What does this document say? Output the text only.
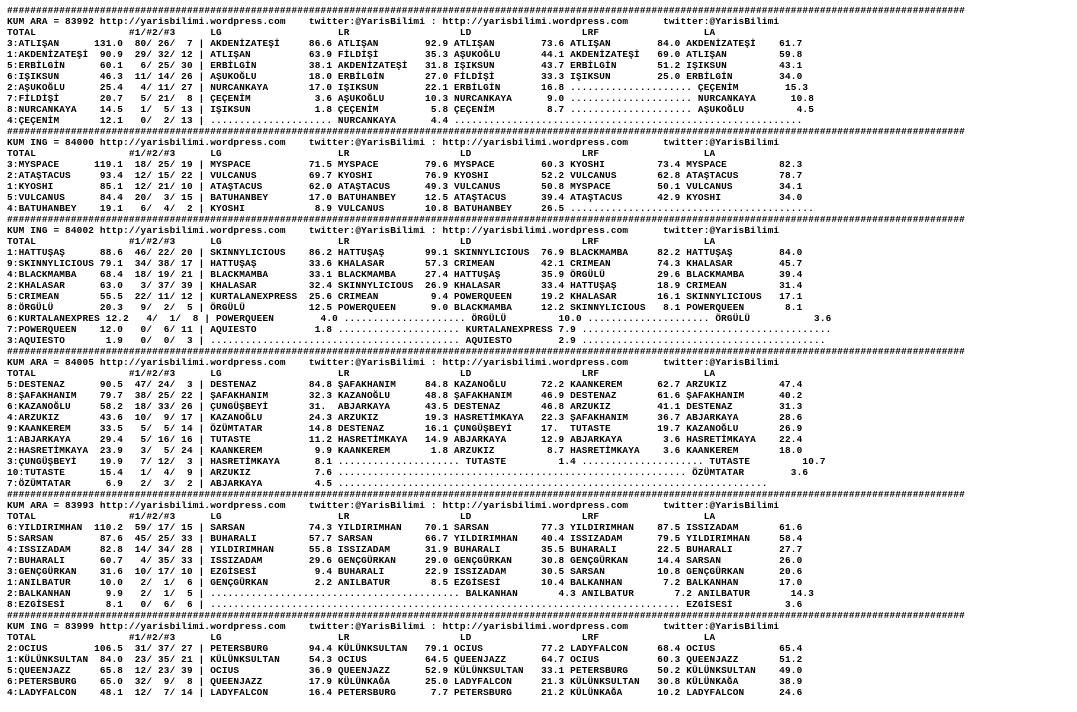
#####################################################################################################################################################################
KUM ARA = 83992 http://yarisbilimi.wordpress.com    twitter:@YarisBilimi : http://yarisbilimi.wordpress.com      twitter:@YarisBilimi
TOTAL                #1/#2/#3      LG                    LR                   LD                   LRF                  LA
3:ATLIŞAN      131.0  80/ 26/  7 | AKDENİZATEŞİ     86.6 ATLIŞAN        92.9 ATLIŞAN        73.6 ATLIŞAN        84.0 AKDENİZATEŞİ    61.7
1:AKDENİZATEŞİ  90.9  29/ 32/ 12 | ATLIŞAN          63.9 FİLDİŞİ        35.3 AŞUKOĞLU       44.1 AKDENİZATEŞİ   69.0 ATLIŞAN         59.8
5:ERBİLGİN      60.1   6/ 25/ 30 | ERBİLGİN         38.1 AKDENİZATEŞİ   31.8 IŞIKSUN        43.7 ERBİLGİN       51.2 IŞIKSUN         43.1
6:IŞIKSUN       46.3  11/ 14/ 26 | AŞUKOĞLU         18.0 ERBİLGİN       27.0 FİLDİŞİ        33.3 IŞIKSUN        25.0 ERBİLGİN        34.0
2:AŞUKOĞLU      25.4   4/ 11/ 27 | NURCANKAYA       17.0 IŞIKSUN        22.1 ERBİLGİN       16.8 ..................... ÇEÇENİM        15.3
7:FİLDİŞİ       20.7   5/ 21/  8 | ÇEÇENİM           3.6 AŞUKOĞLU       10.3 NURCANKAYA      9.0 ..................... NURCANKAYA      10.8
8:NURCANKAYA    14.5   1/  5/ 13 | IŞIKSUN           1.8 ÇEÇENİM         5.8 ÇEÇENİM         8.7 ..................... AŞUKOĞLU         4.5
4:ÇEÇENİM       12.1   0/  2/ 13 | ..................... NURCANKAYA      4.4 ............................................................
#####################################################################################################################################################################
KUM ING = 84000 http://yarisbilimi.wordpress.com    twitter:@YarisBilimi : http://yarisbilimi.wordpress.com      twitter:@YarisBilimi
TOTAL                #1/#2/#3      LG                    LR                   LD                   LRF                  LA
3:MYSPACE      119.1  18/ 25/ 19 | MYSPACE          71.5 MYSPACE        79.6 MYSPACE        60.3 KYOSHI         73.4 MYSPACE         82.3
2:ATAŞTACUS     93.4  12/ 15/ 22 | VULCANUS         69.7 KYOSHI         76.9 KYOSHI         52.2 VULCANUS       62.8 ATAŞTACUS       78.7
1:KYOSHI        85.1  12/ 21/ 10 | ATAŞTACUS        62.0 ATAŞTACUS      49.3 VULCANUS       50.8 MYSPACE        50.1 VULCANUS        34.1
5:VULCANUS      84.4  20/  3/ 15 | BATUHANBEY       17.0 BATUHANBEY     12.5 ATAŞTACUS      39.4 ATAŞTACUS      42.9 KYOSHI          34.0
4:BATUHANBEY    19.1   6/  4/  2 | KYOSHI            8.9 VULCANUS       10.8 BATUHANBEY     26.5 ..........................................
#####################################################################################################################################################################
KUM ING = 84002 http://yarisbilimi.wordpress.com    twitter:@YarisBilimi : http://yarisbilimi.wordpress.com      twitter:@YarisBilimi
TOTAL                #1/#2/#3      LG                    LR                   LD                   LRF                  LA
1:HATTUŞAŞ      88.6  46/ 22/ 20 | SKINNYLICIOUS    86.2 HATTUŞAŞ       99.1 SKINNYLICIOUS  76.9 BLACKMAMBA     82.2 HATTUŞAŞ        84.0
9:SKINNYLICIOUS 79.1  34/ 38/ 17 | HATTUŞAŞ         33.6 KHALASAR       57.3 CRIMEAN        42.1 CRIMEAN        74.3 KHALASAR        45.7
4:BLACKMAMBA    68.4  18/ 19/ 21 | BLACKMAMBA       33.1 BLACKMAMBA     27.4 HATTUŞAŞ       35.9 ÖRGÜLÜ         29.6 BLACKMAMBA      39.4
2:KHALASAR      63.0   3/ 37/ 39 | KHALASAR         32.4 SKINNYLICIOUS  26.9 KHALASAR       33.4 HATTUŞAŞ       18.9 CRIMEAN         31.4
5:CRIMEAN       55.5  22/ 11/ 12 | KURTALANEXPRESS  25.6 CRIMEAN         9.4 POWERQUEEN     19.2 KHALASAR       16.1 SKINNYLICIOUS   17.1
8:ÖRGÜLÜ        20.3   9/  2/  5 | ÖRGÜLÜ           12.5 POWERQUEEN      9.0 BLACKMAMBA     12.2 SKINNYLICIOUS   8.1 POWERQUEEN       8.1
6:KURTALANEXPRES 12.2   4/  1/  8 | POWERQUEEN        4.0 ..................... ÖRGÜLÜ         10.0 ..................... ÖRGÜLÜ           3.6
7:POWERQUEEN    12.0   0/  6/ 11 | AQUIESTO          1.8 ..................... KURTALANEXPRESS 7.9 ...........................................
3:AQUIESTO       1.9   0/  0/  3 | ........................................... AQUIESTO        2.9 ..........................................
#####################################################################################################################################################################
KUM ARA = 84005 http://yarisbilimi.wordpress.com    twitter:@YarisBilimi : http://yarisbilimi.wordpress.com      twitter:@YarisBilimi
TOTAL                #1/#2/#3      LG                    LR                   LD                   LRF                  LA
5:DESTENAZ      90.5  47/ 24/  3 | DESTENAZ         84.8 ŞAFAKHANIM     84.8 KAZANOĞLU      72.2 KAANKEREM      62.7 ARZUKIZ         47.4
8:ŞAFAKHANIM    79.7  38/ 25/ 22 | ŞAFAKHANIM       32.3 KAZANOĞLU      48.8 ŞAFAKHANIM     46.9 DESTENAZ       61.6 ŞAFAKHANIM      40.2
6:KAZANOĞLU     58.2  18/ 33/ 26 | ÇUNGÜŞBEYİ       31.  ABJARKAYA      43.5 DESTENAZ       46.8 ARZUKIZ        41.1 DESTENAZ        31.3
4:ARZUKIZ       43.6  10/  9/ 17 | KAZANOĞLU        24.3 ARZUKIZ        19.3 HASRETİMKAYA   22.3 ŞAFAKHANIM     36.7 ABJARKAYA       28.6
9:KAANKEREM     33.5   5/  5/ 14 | ÖZÜMTATAR        14.8 DESTENAZ       16.1 ÇUNGÜŞBEYİ     17.  TUTASTE        19.7 KAZANOĞLU       26.9
1:ABJARKAYA     29.4   5/ 16/ 16 | TUTASTE          11.2 HASRETİMKAYA   14.9 ABJARKAYA      12.9 ABJARKAYA       3.6 HASRETİMKAYA    22.4
2:HASRETİMKAYA  23.9   3/  5/ 24 | KAANKEREM         9.9 KAANKEREM       1.8 ARZUKIZ         8.7 HASRETİMKAYA    3.6 KAANKEREM       18.0
3:ÇUNGÜŞBEYİ    19.9   7/ 12/  3 | HASRETİMKAYA      8.1 ..................... TUTASTE         1.4 ..................... TUTASTE         10.7
10:TUTASTE      15.4   1/  4/  9 | ARZUKIZ           7.6 ............................................................ ÖZÜMTATAR        3.6
7:ÖZÜMTATAR      6.9   2/  3/  2 | ABJARKAYA         4.5 ..........................................................................
#####################################################################################################################################################################
KUM ARA = 83993 http://yarisbilimi.wordpress.com    twitter:@YarisBilimi : http://yarisbilimi.wordpress.com      twitter:@YarisBilimi
TOTAL                #1/#2/#3      LG                    LR                   LD                   LRF                  LA
6:YILDIRIMHAN  110.2  59/ 17/ 15 | SARSAN           74.3 YILDIRIMHAN    70.1 SARSAN         77.3 YILDIRIMHAN    87.5 ISSIZADAM       61.6
5:SARSAN        87.6  45/ 25/ 33 | BUHARALI         57.7 SARSAN         66.7 YILDIRIMHAN    40.4 ISSIZADAM      79.5 YILDIRIMHAN     58.4
4:ISSIZADAM     82.8  14/ 34/ 28 | YILDIRIMHAN      55.8 ISSIZADAM      31.9 BUHARALI       35.5 BUHARALI       22.5 BUHARALI        27.7
7:BUHARALI      60.7   4/ 35/ 33 | ISSIZADAM        29.6 GENÇGÜRKAN     29.0 GENÇGÜRKAN     30.8 GENÇGÜRKAN     14.4 SARSAN          26.0
3:GENÇGÜRKAN    31.6  10/ 17/ 10 | EZGİSESİ          9.4 BUHARALI       22.9 ISSIZADAM      30.5 SARSAN         10.8 GENÇGÜRKAN      20.6
1:ANILBATUR     10.0   2/  1/  6 | GENÇGÜRKAN        2.2 ANILBATUR       8.5 EZGİSESİ       10.4 BALKANHAN       7.2 BALKANHAN       17.0
2:BALKANHAN      9.9   2/  1/  5 | ........................................... BALKANHAN       4.3 ANILBATUR       7.2 ANILBATUR       14.3
8:EZGİSESİ       8.1   0/  6/  6 | ................................................................................. EZGİSESİ         3.6
#####################################################################################################################################################################
KUM ING = 83999 http://yarisbilimi.wordpress.com    twitter:@YarisBilimi : http://yarisbilimi.wordpress.com      twitter:@YarisBilimi
TOTAL                #1/#2/#3      LG                    LR                   LD                   LRF                  LA
2:OCIUS        106.5  31/ 37/ 27 | PETERSBURG       94.4 KÜLÜNKSULTAN   79.1 OCIUS          77.2 LADYFALCON     68.4 OCIUS           65.4
1:KÜLÜNKSULTAN  84.0  23/ 35/ 21 | KÜLÜNKSULTAN     54.3 OCIUS          64.5 QUEENJAZZ      64.7 OCIUS          60.3 QUEENJAZZ       51.2
5:QUEENJAZZ     65.8  12/ 23/ 39 | OCIUS            36.9 QUEENJAZZ      52.9 KÜLÜNKSULTAN   33.1 PETERSBURG     50.2 KÜLÜNKSULTAN    49.0
6:PETERSBURG    65.0  32/  9/  8 | QUEENJAZZ        17.9 KÜLÜNKAĞA      25.0 LADYFALCON     21.3 KÜLÜNKSULTAN   30.8 KÜLÜNKAĞA       38.9
4:LADYFALCON    48.1  12/  7/ 14 | LADYFALCON       16.4 PETERSBURG      7.7 PETERSBURG     21.2 KÜLÜNKAĞA      10.2 LADYFALCON      24.6
